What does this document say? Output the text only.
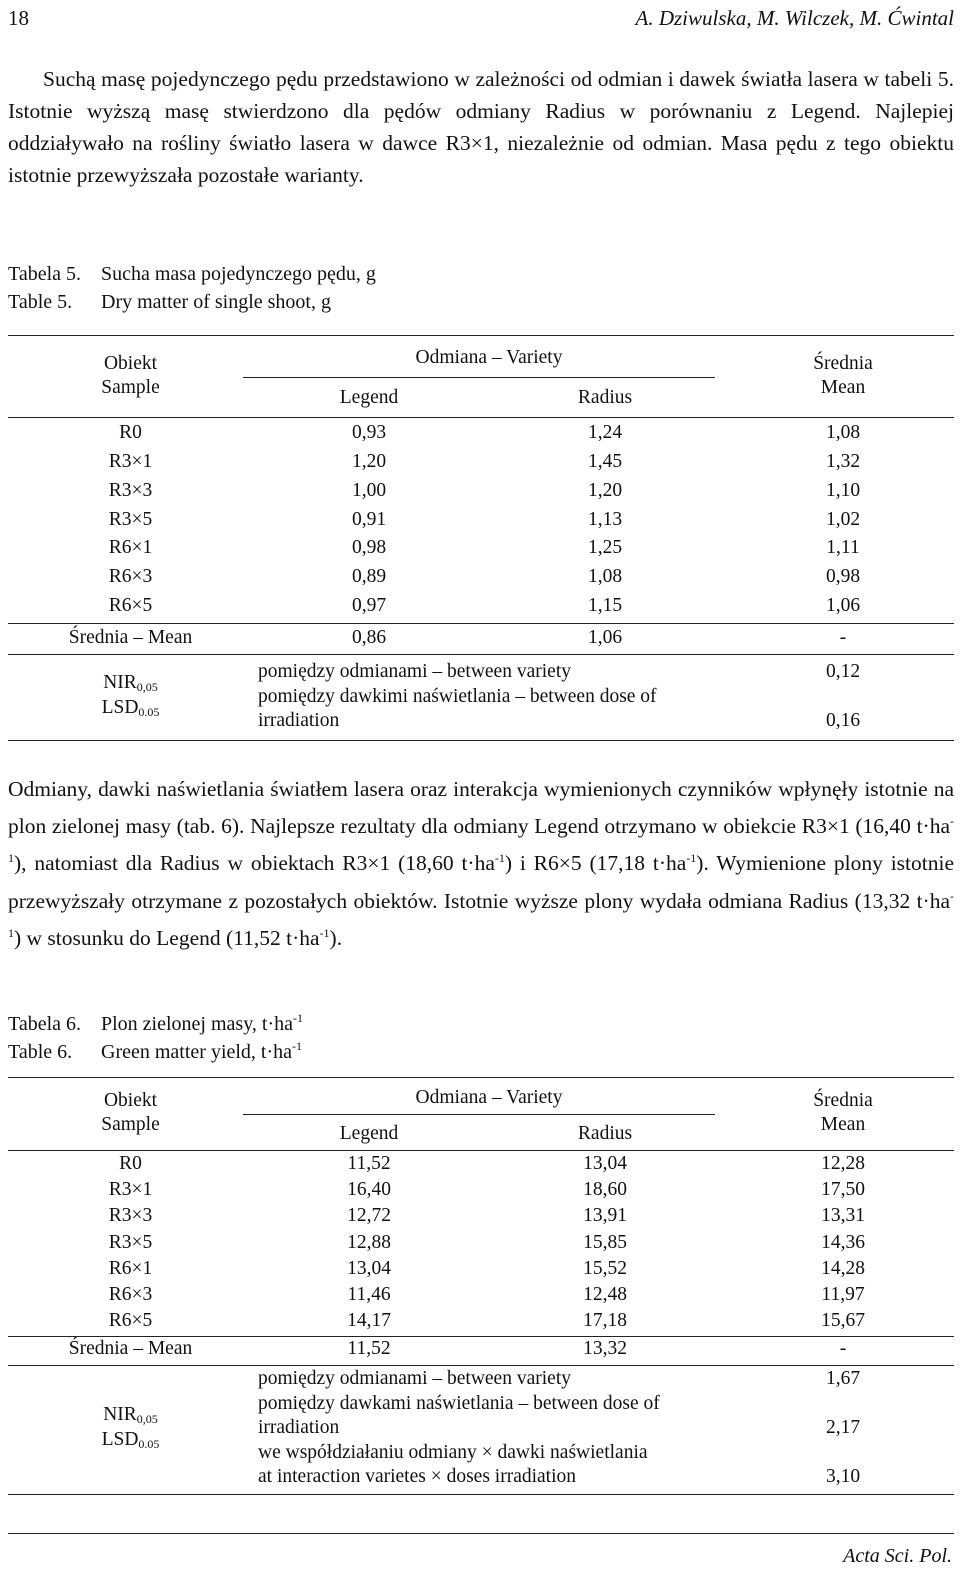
18	A. Dziwulska, M. Wilczek, M. Ćwintal

Suchą masę pojedynczego pędu przedstawiono w zależności od odmian i dawek światła lasera w tabeli 5. Istotnie wyższą masę stwierdzono dla pędów odmiany Radius w porównaniu z Legend. Najlepiej oddziaływało na rośliny światło lasera w dawce R3×1, niezależnie od odmian. Masa pędu z tego obiektu istotnie przewyższała pozostałe warianty.

Tabela 5. Sucha masa pojedynczego pędu, g
Table 5. Dry matter of single shoot, g
Obiekt
Sample
Odmiana – Variety
Legend	Radius
Średnia
Mean
R0	0,93	1,24	1,08
R3×1	1,20	1,45	1,32
R3×3	1,00	1,20	1,10
R3×5	0,91	1,13	1,02
R6×1	0,98	1,25	1,11
R6×3	0,89	1,08	0,98
R6×5	0,97	1,15	1,06
Średnia – Mean	0,86	1,06	-
$NIR_{0,05}$
$LSD_{0.05}$
pomiędzy odmianami – between variety	0,12
pomiędzy dawkimi naświetlania – between dose of
irradiation	0,16

Odmiany, dawki naświetlania światłem lasera oraz interakcja wymienionych czynników wpłynęły istotnie na plon zielonej masy (tab. 6). Najlepsze rezultaty dla odmiany Legend otrzymano w obiekcie R3×1 (16,40 $t\cdot ha^{-1}$), natomiast dla Radius w obiektach R3×1 (18,60 $t\cdot ha^{-1}$) i R6×5 (17,18 $t\cdot ha^{-1}$). Wymienione plony istotnie przewyższały otrzymane z pozostałych obiektów. Istotnie wyższe plony wydała odmiana Radius (13,32 $t\cdot ha^{-1}$) w stosunku do Legend (11,52 $t\cdot ha^{-1}$).

Tabela 6. Plon zielonej masy, $t\cdot ha^{-1}$
Table 6. Green matter yield, $t\cdot ha^{-1}$
Obiekt
Sample
Odmiana – Variety
Legend	Radius
Średnia
Mean
R0	11,52	13,04	12,28
R3×1	16,40	18,60	17,50
R3×3	12,72	13,91	13,31
R3×5	12,88	15,85	14,36
R6×1	13,04	15,52	14,28
R6×3	11,46	12,48	11,97
R6×5	14,17	17,18	15,67
Średnia – Mean	11,52	13,32	-
$NIR_{0,05}$
$LSD_{0.05}$
pomiędzy odmianami – between variety	1,67
pomiędzy dawkami naświetlania – between dose of
irradiation	2,17
we współdziałaniu odmiany × dawki naświetlania
at interaction varietes × doses irradiation	3,10
Acta Sci. Pol.
